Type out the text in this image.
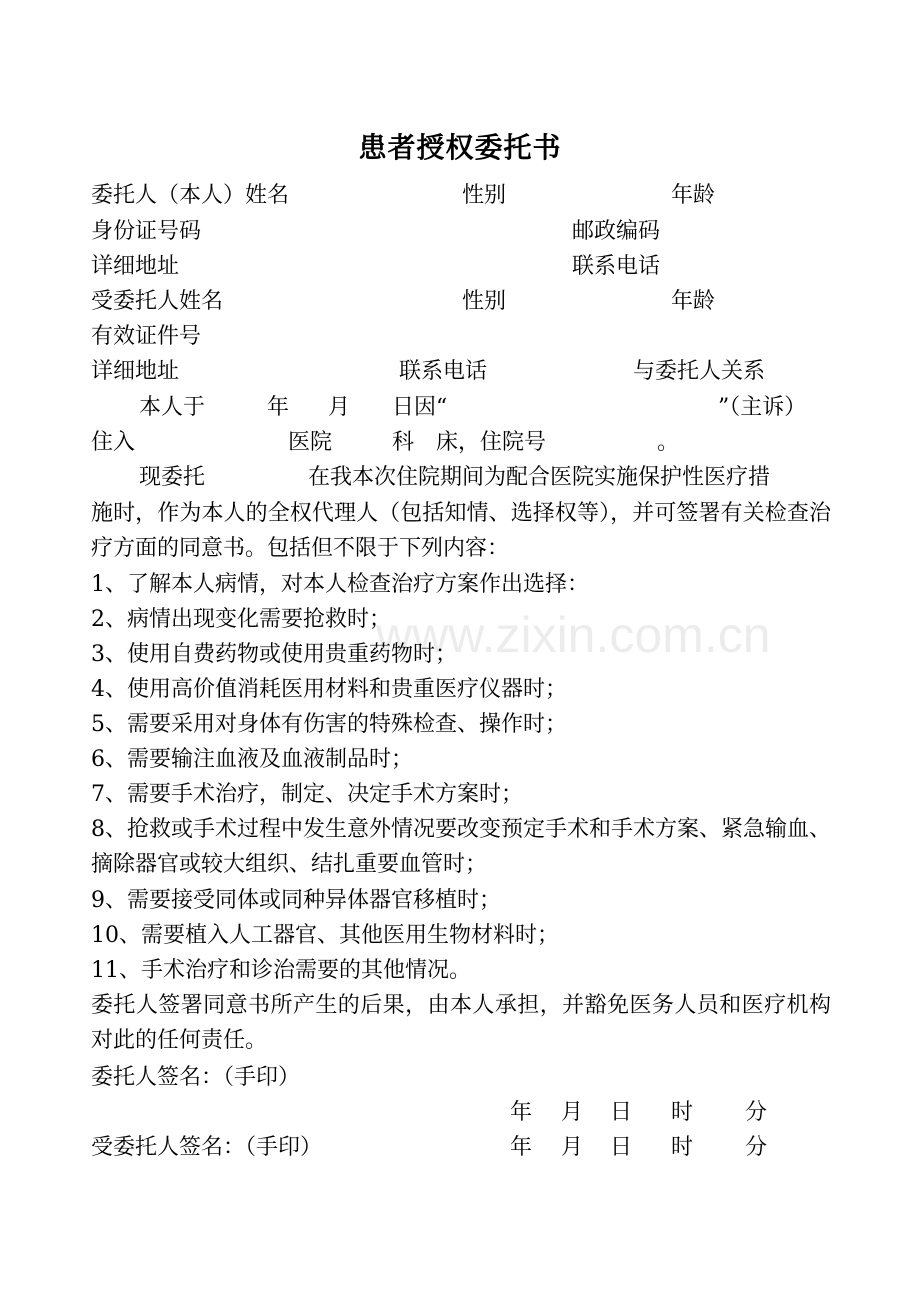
患者授权委托书
委托人（本人）姓名	性别	年龄
身份证号码	邮政编码
详细地址	联系电话
受委托人姓名	性别	年龄
有效证件号
详细地址	联系电话	与委托人关系
本人于	年 月 日因“	”（主诉）
住入	医院	科 床，住院号	。
现委托	在我本次住院期间为配合医院实施保护性医疗措
施时，作为本人的全权代理人（包括知情、选择权等），并可签署有关检查治疗方面的同意书。包括但不限于下列内容：
1、了解本人病情，对本人检查治疗方案作出选择：
2、病情出现变化需要抢救时；
3、使用自费药物或使用贵重药物时；
4、使用高价值消耗医用材料和贵重医疗仪器时；
5、需要采用对身体有伤害的特殊检查、操作时；
6、需要输注血液及血液制品时；
7、需要手术治疗，制定、决定手术方案时；
8、抢救或手术过程中发生意外情况要改变预定手术和手术方案、紧急输血、摘除器官或较大组织、结扎重要血管时；
9、需要接受同体或同种异体器官移植时；
10、需要植入人工器官、其他医用生物材料时；
11、手术治疗和诊治需要的其他情况。
委托人签署同意书所产生的后果，由本人承担，并豁免医务人员和医疗机构对此的任何责任。
委托人签名：（手印）
年 月 日 时 分
受委托人签名：（手印）	年 月 日 时 分
www.zixin.com.cn
